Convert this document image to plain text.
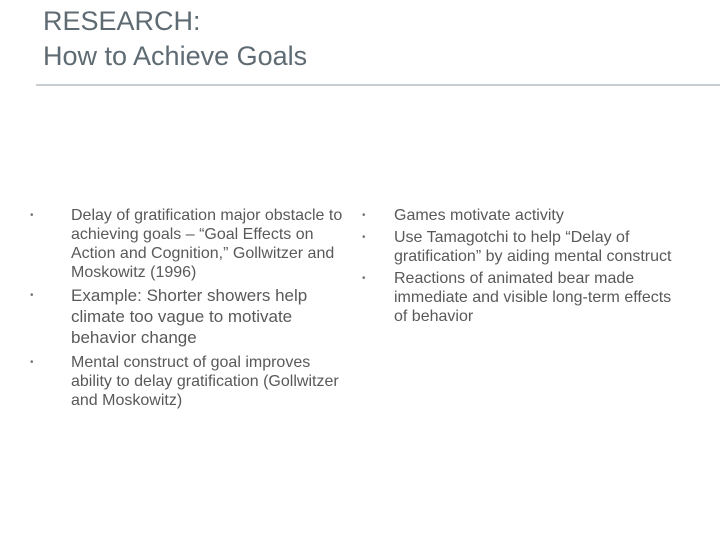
RESEARCH:
How to Achieve Goals
• Delay of gratification major obstacle to achieving goals – “Goal Effects on Action and Cognition,” Gollwitzer and Moskowitz (1996)
• Example: Shorter showers help climate too vague to motivate behavior change
• Mental construct of goal improves ability to delay gratification (Gollwitzer and Moskowitz)
• Games motivate activity
• Use Tamagotchi to help “Delay of gratification” by aiding mental construct
• Reactions of animated bear made immediate and visible long-term effects of behavior
